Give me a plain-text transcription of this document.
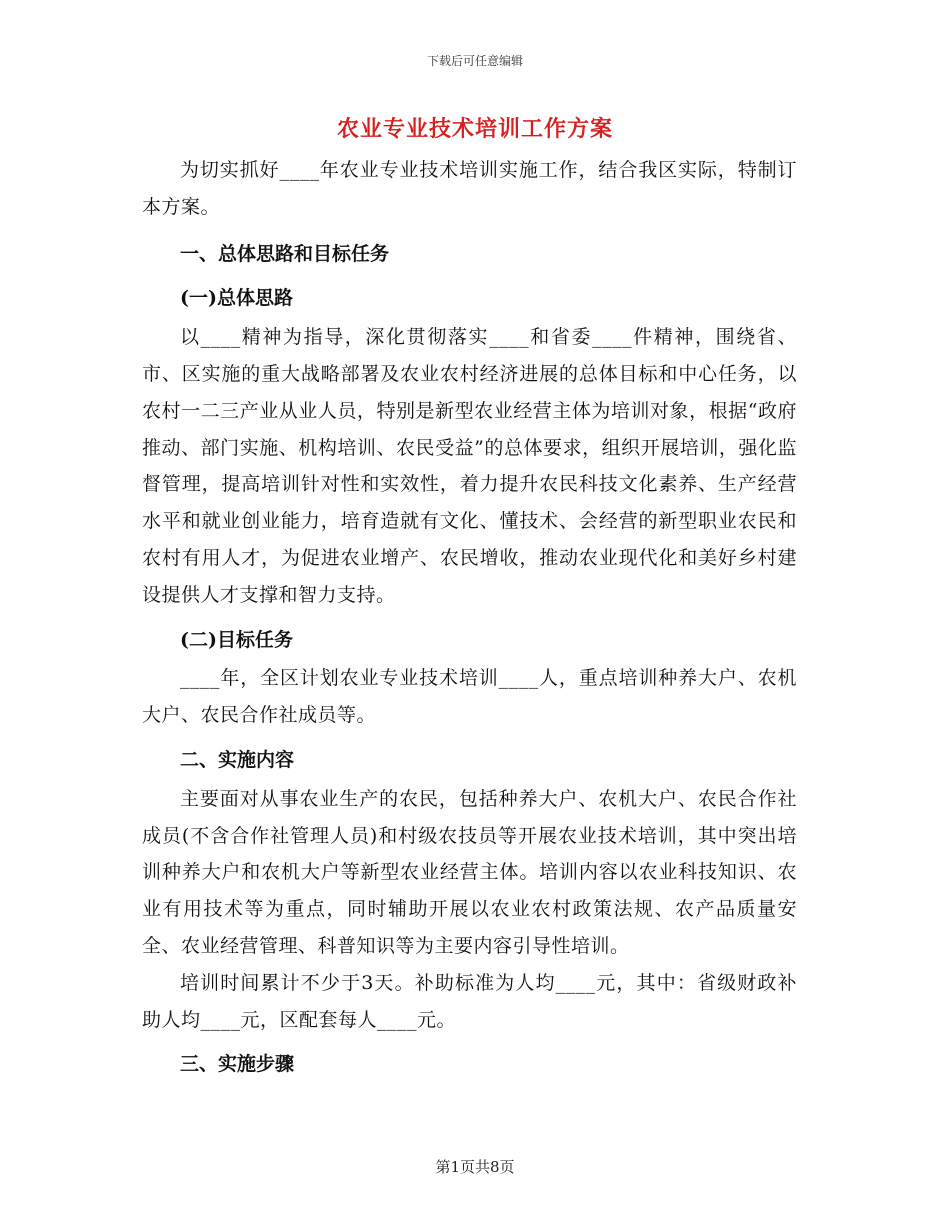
下载后可任意编辑
农业专业技术培训工作方案

为切实抓好____年农业专业技术培训实施工作，结合我区实际，特制订本方案。

一、总体思路和目标任务
(一)总体思路

以____精神为指导，深化贯彻落实____和省委____件精神，围绕省、市、区实施的重大战略部署及农业农村经济进展的总体目标和中心任务，以农村一二三产业从业人员，特别是新型农业经营主体为培训对象，根据“政府推动、部门实施、机构培训、农民受益”的总体要求，组织开展培训，强化监督管理，提高培训针对性和实效性，着力提升农民科技文化素养、生产经营水平和就业创业能力，培育造就有文化、懂技术、会经营的新型职业农民和农村有用人才，为促进农业增产、农民增收，推动农业现代化和美好乡村建设提供人才支撑和智力支持。

(二)目标任务

____年，全区计划农业专业技术培训____人，重点培训种养大户、农机大户、农民合作社成员等。

二、实施内容

主要面对从事农业生产的农民，包括种养大户、农机大户、农民合作社成员(不含合作社管理人员)和村级农技员等开展农业技术培训，其中突出培训种养大户和农机大户等新型农业经营主体。培训内容以农业科技知识、农业有用技术等为重点，同时辅助开展以农业农村政策法规、农产品质量安全、农业经营管理、科普知识等为主要内容引导性培训。

培训时间累计不少于3天。补助标准为人均____元，其中：省级财政补助人均____元，区配套每人____元。

三、实施步骤
第1页共8页
